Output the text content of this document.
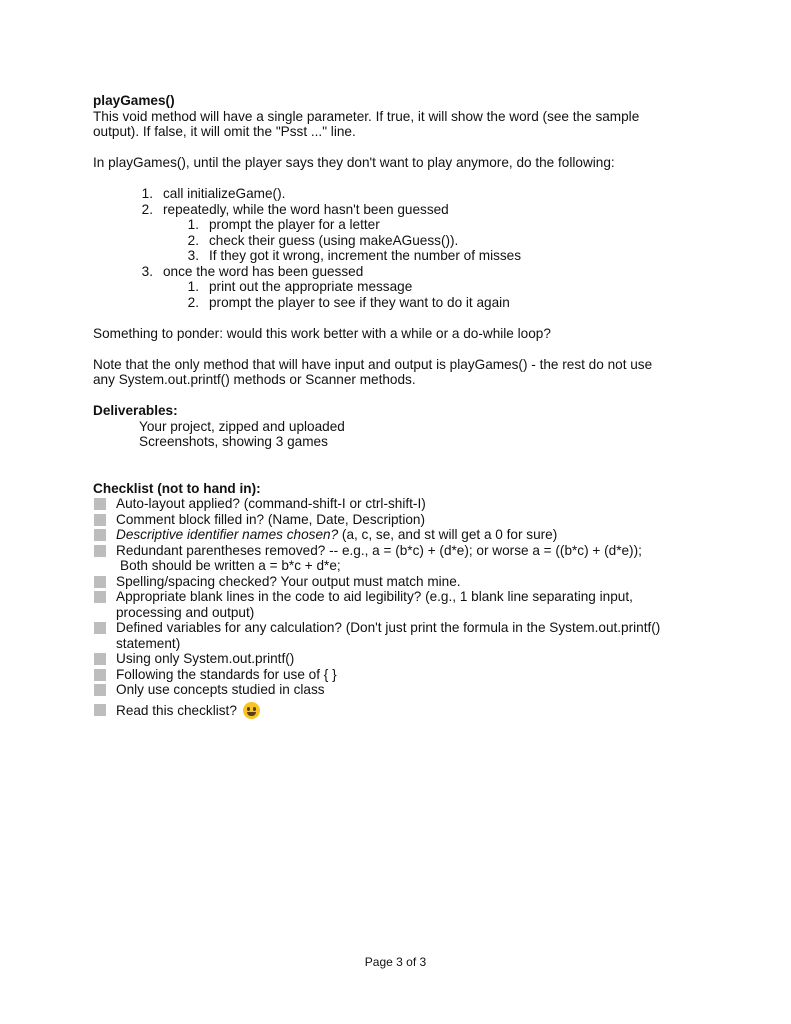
playGames()

This void method will have a single parameter. If true, it will show the word (see the sample

output). If false, it will omit the "Psst ..." line.

In playGames(), until the player says they don't want to play anymore, do the following:

1. call initializeGame().
2. repeatedly, while the word hasn't been guessed
1. prompt the player for a letter
2. check their guess (using makeAGuess()).
3. If they got it wrong, increment the number of misses
3. once the word has been guessed
1. print out the appropriate message
2. prompt the player to see if they want to do it again

Something to ponder: would this work better with a while or a do-while loop?

Note that the only method that will have input and output is playGames() - the rest do not use

any System.out.printf() methods or Scanner methods.

Deliverables:

Your project, zipped and uploaded

Screenshots, showing 3 games

Checklist (not to hand in):

Auto-layout applied? (command-shift-I or ctrl-shift-I)
Comment block filled in? (Name, Date, Description)
Descriptive identifier names chosen? (a, c, se, and st will get a 0 for sure)
Redundant parentheses removed? -- e.g., a = (b*c) + (d*e); or worse a = ((b*c) + (d*e));
Both should be written a = b*c + d*e;
Spelling/spacing checked? Your output must match mine.
Appropriate blank lines in the code to aid legibility? (e.g., 1 blank line separating input,
processing and output)
Defined variables for any calculation? (Don't just print the formula in the System.out.printf()
statement)
Using only System.out.printf()
Following the standards for use of { }
Only use concepts studied in class
Read this checklist?
Page 3 of 3
